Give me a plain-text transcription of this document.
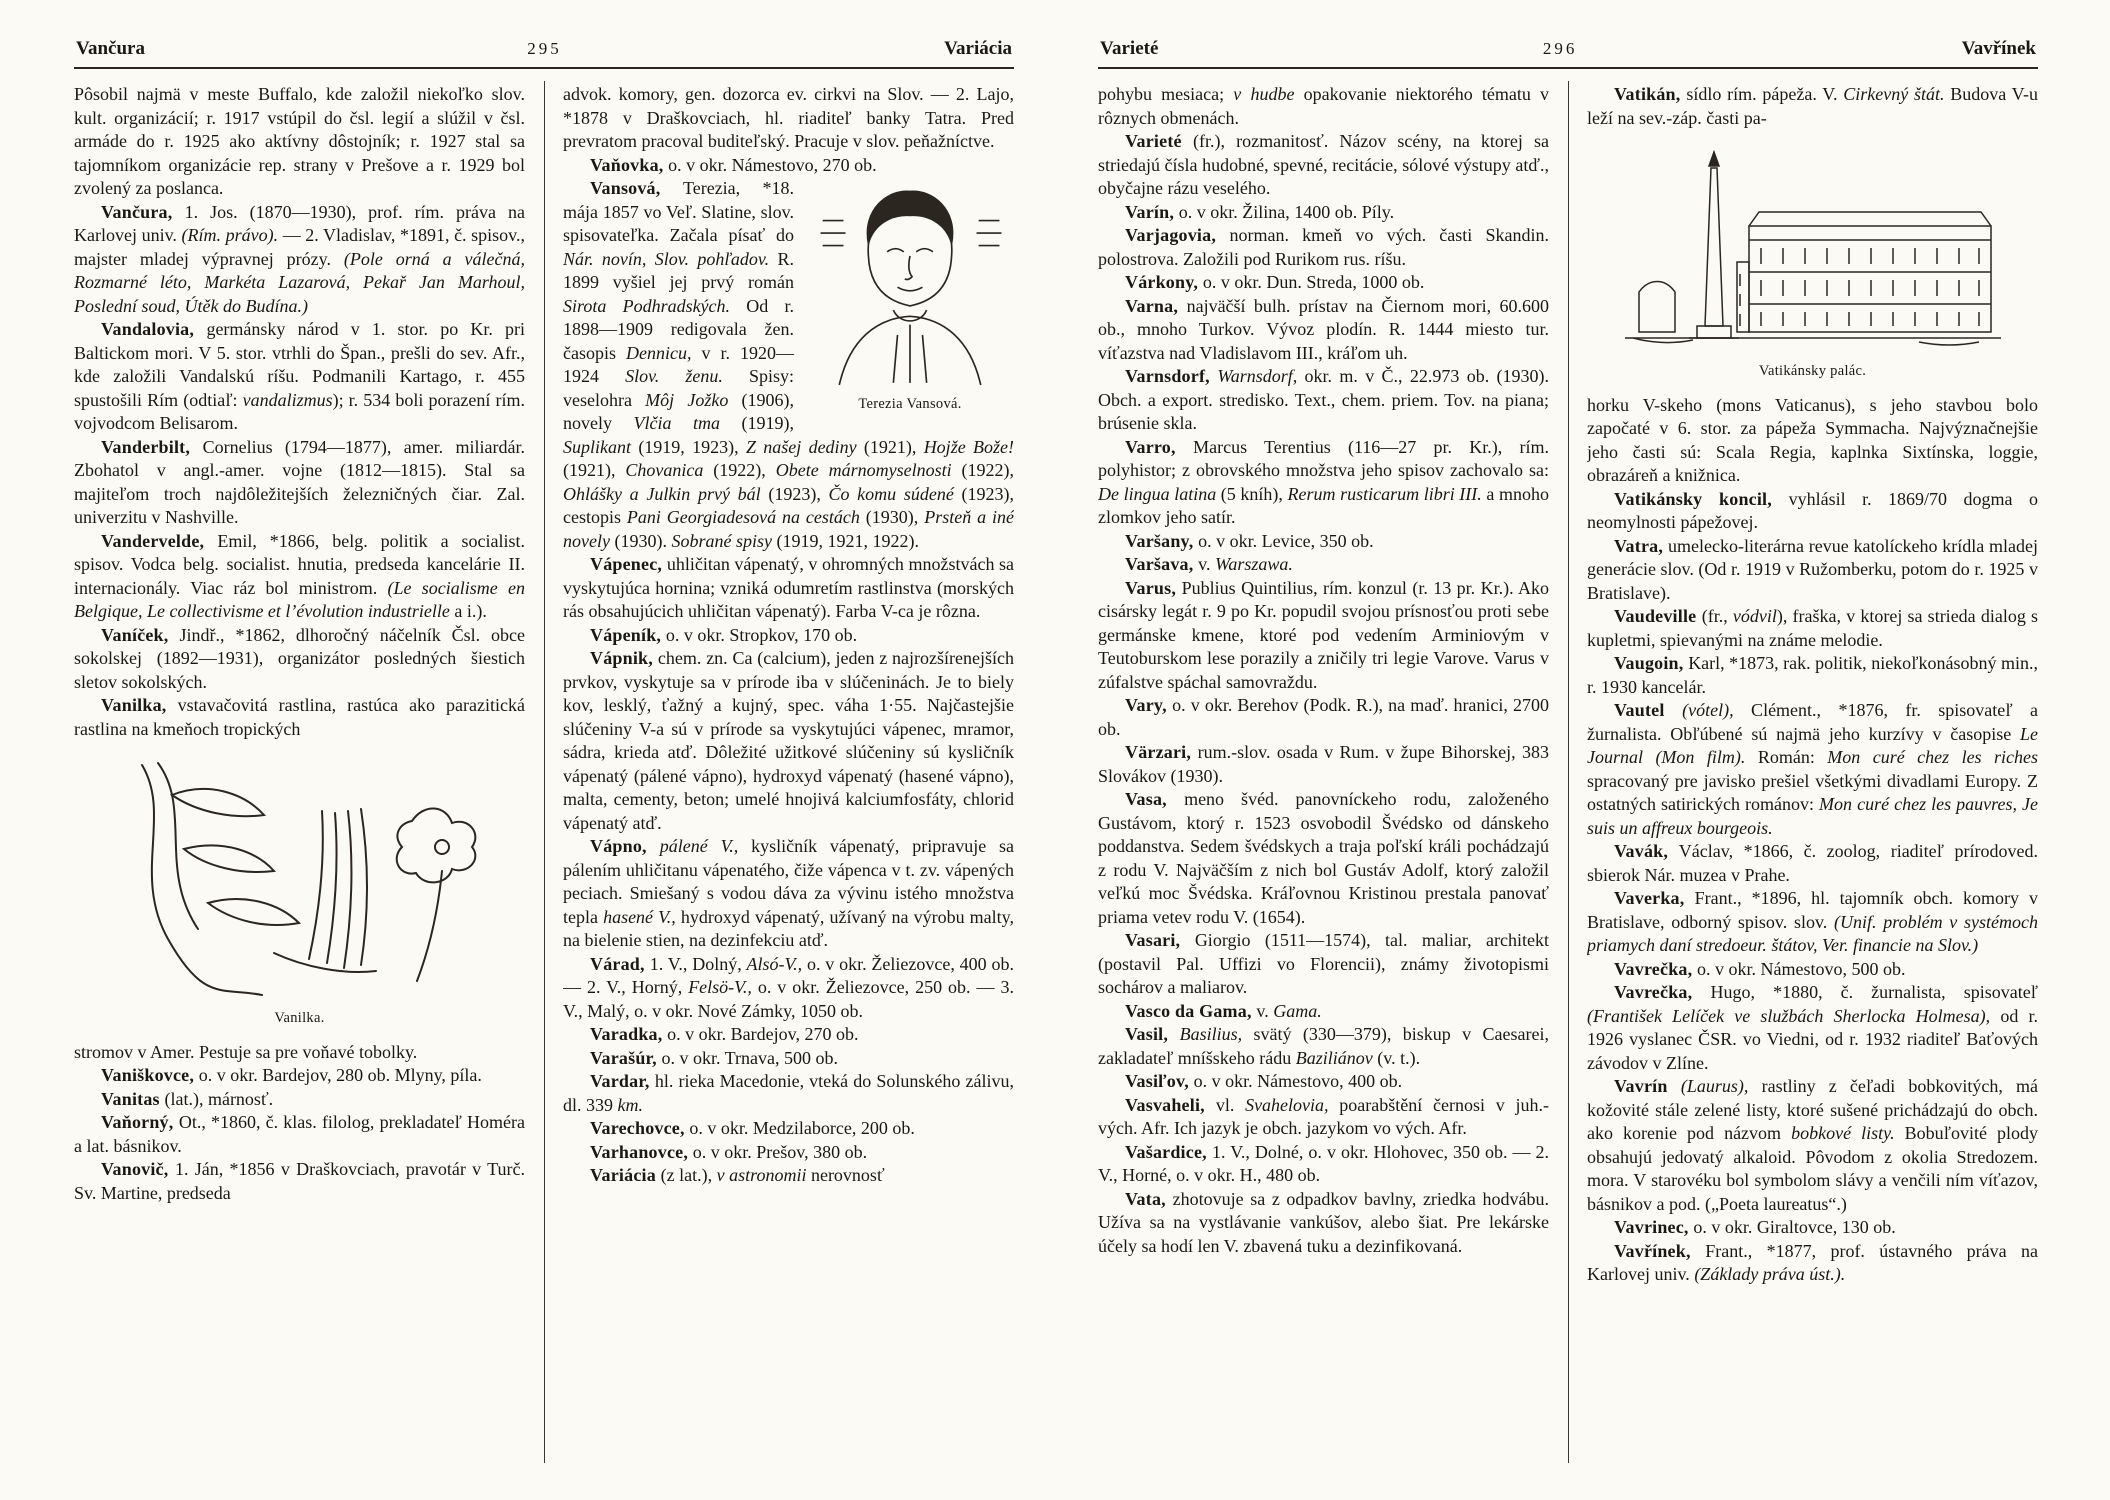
Vančura	295	Variácia

Pôsobil najmä v meste Buffalo, kde založil niekoľko slov. kult. organizácií; r. 1917 vstúpil do čsl. legií a slúžil v čsl. armáde do r. 1925 ako aktívny dôstojník; r. 1927 stal sa tajomníkom organizácie rep. strany v Prešove a r. 1929 bol zvolený za poslanca.

Vančura, 1. Jos. (1870—1930), prof. rím. práva na Karlovej univ. (Rím. právo). — 2. Vladislav, *1891, č. spisov., majster mladej výpravnej prózy. (Pole orná a válečná, Rozmarné léto, Markéta Lazarová, Pekař Jan Marhoul, Poslední soud, Útěk do Budína.)

Vandalovia, germánsky národ v 1. stor. po Kr. pri Baltickom mori. V 5. stor. vtrhli do Špan., prešli do sev. Afr., kde založili Vandalskú ríšu. Podmanili Kartago, r. 455 spustošili Rím (odtiaľ: vandalizmus); r. 534 boli porazení rím. vojvodcom Belisarom.

Vanderbilt, Cornelius (1794—1877), amer. miliardár. Zbohatol v angl.-amer. vojne (1812—1815). Stal sa majiteľom troch najdôležitejších železničných čiar. Zal. univerzitu v Nashville.

Vandervelde, Emil, *1866, belg. politik a socialist. spisov. Vodca belg. socialist. hnutia, predseda kancelárie II. internacionály. Viac ráz bol ministrom. (Le socialisme en Belgique, Le collectivisme et l’évolution industrielle a i.).

Vaníček, Jindř., *1862, dlhoročný náčelník Čsl. obce sokolskej (1892—1931), organizátor posledných šiestich sletov sokolských.

Vanilka, vstavačovitá rastlina, rastúca ako parazitická rastlina na kmeňoch tropických

Vanilka.

stromov v Amer. Pestuje sa pre voňavé tobolky.

Vaniškovce, o. v okr. Bardejov, 280 ob. Mlyny, píla.

Vanitas (lat.), márnosť.

Vaňorný, Ot., *1860, č. klas. filolog, prekladateľ Homéra a lat. básnikov.

Vanovič, 1. Ján, *1856 v Draškovciach, pravotár v Turč. Sv. Martine, predseda

advok. komory, gen. dozorca ev. cirkvi na Slov. — 2. Lajo, *1878 v Draškovciach, hl. riaditeľ banky Tatra. Pred prevratom pracoval buditeľský. Pracuje v slov. peňažníctve.

Vaňovka, o. v okr. Námestovo, 270 ob.

Terezia Vansová.

Vansová, Terezia, *18. mája 1857 vo Veľ. Slatine, slov. spisovateľka. Začala písať do Nár. novín, Slov. pohľadov. R. 1899 vyšiel jej prvý román Sirota Podhradských. Od r. 1898—1909 redigovala žen. časopis Dennicu, v r. 1920—1924 Slov. ženu. Spisy: veselohra Môj Jožko (1906), novely Vlčia tma (1919), Suplikant (1919, 1923), Z našej dediny (1921), Hojže Bože! (1921), Chovanica (1922), Obete márnomyselnosti (1922), Ohlášky a Julkin prvý bál (1923), Čo komu súdené (1923), cestopis Pani Georgiadesová na cestách (1930), Prsteň a iné novely (1930). Sobrané spisy (1919, 1921, 1922).

Vápenec, uhličitan vápenatý, v ohromných množstvách sa vyskytujúca hornina; vzniká odumretím rastlinstva (morských rás obsahujúcich uhličitan vápenatý). Farba V-ca je rôzna.

Vápeník, o. v okr. Stropkov, 170 ob.

Vápnik, chem. zn. Ca (calcium), jeden z najrozšírenejších prvkov, vyskytuje sa v prírode iba v slúčeninách. Je to biely kov, lesklý, ťažný a kujný, spec. váha 1·55. Najčastejšie slúčeniny V-a sú v prírode sa vyskytujúci vápenec, mramor, sádra, krieda atď. Dôležité užitkové slúčeniny sú kysličník vápenatý (pálené vápno), hydroxyd vápenatý (hasené vápno), malta, cementy, beton; umelé hnojivá kalciumfosfáty, chlorid vápenatý atď.

Vápno, pálené V., kysličník vápenatý, pripravuje sa pálením uhličitanu vápenatého, čiže vápenca v t. zv. vápených peciach. Smiešaný s vodou dáva za vývinu istého množstva tepla hasené V., hydroxyd vápenatý, užívaný na výrobu malty, na bielenie stien, na dezinfekciu atď.

Várad, 1. V., Dolný, Alsó-V., o. v okr. Želiezovce, 400 ob. — 2. V., Horný, Felsö-V., o. v okr. Želiezovce, 250 ob. — 3. V., Malý, o. v okr. Nové Zámky, 1050 ob.

Varadka, o. v okr. Bardejov, 270 ob.

Varašúr, o. v okr. Trnava, 500 ob.

Vardar, hl. rieka Macedonie, vteká do Solunského zálivu, dl. 339 km.

Varechovce, o. v okr. Medzilaborce, 200 ob.

Varhanovce, o. v okr. Prešov, 380 ob.

Variácia (z lat.), v astronomii nerovnosť

Varieté	296	Vavřínek

pohybu mesiaca; v hudbe opakovanie niektorého tématu v rôznych obmenách.

Varieté (fr.), rozmanitosť. Názov scény, na ktorej sa striedajú čísla hudobné, spevné, recitácie, sólové výstupy atď., obyčajne rázu veselého.

Varín, o. v okr. Žilina, 1400 ob. Píly.

Varjagovia, norman. kmeň vo vých. časti Skandin. polostrova. Založili pod Rurikom rus. ríšu.

Várkony, o. v okr. Dun. Streda, 1000 ob.

Varna, najväčší bulh. prístav na Čiernom mori, 60.600 ob., mnoho Turkov. Vývoz plodín. R. 1444 miesto tur. víťazstva nad Vladislavom III., kráľom uh.

Varnsdorf, Warnsdorf, okr. m. v Č., 22.973 ob. (1930). Obch. a export. stredisko. Text., chem. priem. Tov. na piana; brúsenie skla.

Varro, Marcus Terentius (116—27 pr. Kr.), rím. polyhistor; z obrovského množstva jeho spisov zachovalo sa: De lingua latina (5 kníh), Rerum rusticarum libri III. a mnoho zlomkov jeho satír.

Varšany, o. v okr. Levice, 350 ob.

Varšava, v. Warszawa.

Varus, Publius Quintilius, rím. konzul (r. 13 pr. Kr.). Ako cisársky legát r. 9 po Kr. popudil svojou prísnosťou proti sebe germánske kmene, ktoré pod vedením Arminiovým v Teutoburskom lese porazily a zničily tri legie Varove. Varus v zúfalstve spáchal samovraždu.

Vary, o. v okr. Berehov (Podk. R.), na maď. hranici, 2700 ob.

Värzari, rum.-slov. osada v Rum. v župe Bihorskej, 383 Slovákov (1930).

Vasa, meno švéd. panovníckeho rodu, založeného Gustávom, ktorý r. 1523 osvobodil Švédsko od dánskeho poddanstva. Sedem švédskych a traja poľskí králi pochádzajú z rodu V. Najväčším z nich bol Gustáv Adolf, ktorý založil veľkú moc Švédska. Kráľovnou Kristinou prestala panovať priama vetev rodu V. (1654).

Vasari, Giorgio (1511—1574), tal. maliar, architekt (postavil Pal. Uffizi vo Florencii), známy životopismi sochárov a maliarov.

Vasco da Gama, v. Gama.

Vasil, Basilius, svätý (330—379), biskup v Caesarei, zakladateľ mníšskeho rádu Baziliánov (v. t.).

Vasiľov, o. v okr. Námestovo, 400 ob.

Vasvaheli, vl. Svahelovia, poarabštění černosi v juh.-vých. Afr. Ich jazyk je obch. jazykom vo vých. Afr.

Vašardice, 1. V., Dolné, o. v okr. Hlohovec, 350 ob. — 2. V., Horné, o. v okr. H., 480 ob.

Vata, zhotovuje sa z odpadkov bavlny, zriedka hodvábu. Užíva sa na vystlávanie vankúšov, alebo šiat. Pre lekárske účely sa hodí len V. zbavená tuku a dezinfikovaná.

Vatikán, sídlo rím. pápeža. V. Cirkevný štát. Budova V-u leží na sev.-záp. časti pa-

Vatikánsky palác.

horku V-skeho (mons Vaticanus), s jeho stavbou bolo započaté v 6. stor. za pápeža Symmacha. Najvýznačnejšie jeho časti sú: Scala Regia, kaplnka Sixtínska, loggie, obrazáreň a knižnica.

Vatikánsky koncil, vyhlásil r. 1869/70 dogma o neomylnosti pápežovej.

Vatra, umelecko-literárna revue katolíckeho krídla mladej generácie slov. (Od r. 1919 v Ružomberku, potom do r. 1925 v Bratislave).

Vaudeville (fr., vódvil), fraška, v ktorej sa strieda dialog s kupletmi, spievanými na známe melodie.

Vaugoin, Karl, *1873, rak. politik, niekoľkonásobný min., r. 1930 kancelár.

Vautel (vótel), Clément., *1876, fr. spisovateľ a žurnalista. Obľúbené sú najmä jeho kurzívy v časopise Le Journal (Mon film). Román: Mon curé chez les riches spracovaný pre javisko prešiel všetkými divadlami Europy. Z ostatných satirických románov: Mon curé chez les pauvres, Je suis un affreux bourgeois.

Vavák, Václav, *1866, č. zoolog, riaditeľ prírodoved. sbierok Nár. muzea v Prahe.

Vaverka, Frant., *1896, hl. tajomník obch. komory v Bratislave, odborný spisov. slov. (Unif. problém v systémoch priamych daní stredoeur. štátov, Ver. financie na Slov.)

Vavrečka, o. v okr. Námestovo, 500 ob.

Vavrečka, Hugo, *1880, č. žurnalista, spisovateľ (František Lelíček ve službách Sherlocka Holmesa), od r. 1926 vyslanec ČSR. vo Viedni, od r. 1932 riaditeľ Baťových závodov v Zlíne.

Vavrín (Laurus), rastliny z čeľadi bobkovitých, má kožovité stále zelené listy, ktoré sušené prichádzajú do obch. ako korenie pod názvom bobkové listy. Bobuľovité plody obsahujú jedovatý alkaloid. Pôvodom z okolia Stredozem. mora. V starovéku bol symbolom slávy a venčili ním víťazov, básnikov a pod. („Poeta laureatus“.)

Vavrinec, o. v okr. Giraltovce, 130 ob.

Vavřínek, Frant., *1877, prof. ústavného práva na Karlovej univ. (Základy práva úst.).
